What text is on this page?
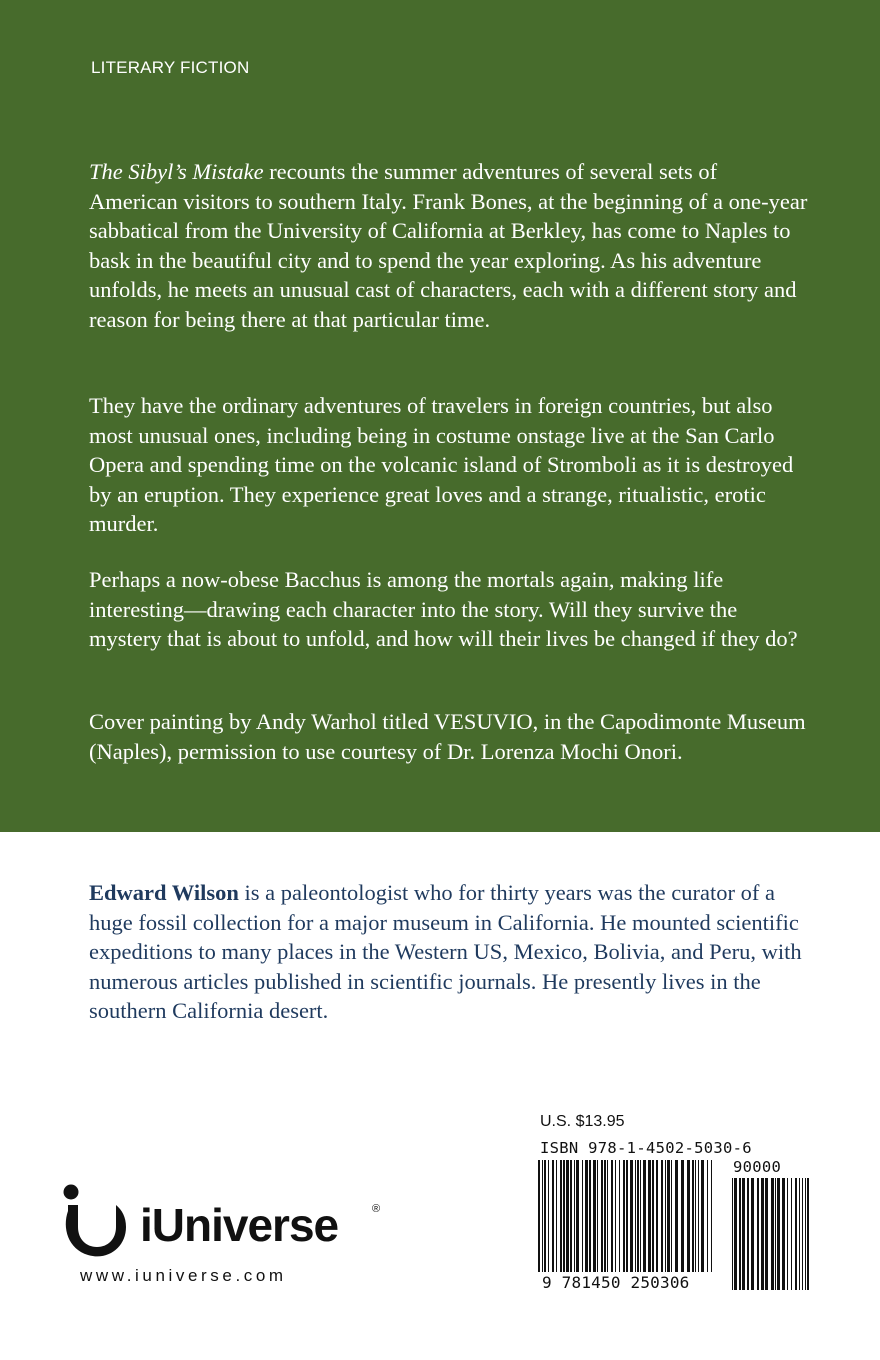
LITERARY FICTION

The Sibyl’s Mistake recounts the summer adventures of several sets of American visitors to southern Italy. Frank Bones, at the beginning of a one-year sabbatical from the University of California at Berkley, has come to Naples to bask in the beautiful city and to spend the year exploring. As his adventure unfolds, he meets an unusual cast of characters, each with a different story and reason for being there at that particular time.

They have the ordinary adventures of travelers in foreign countries, but also most unusual ones, including being in costume onstage live at the San Carlo Opera and spending time on the volcanic island of Stromboli as it is destroyed by an eruption. They experience great loves and a strange, ritualistic, erotic murder.

Perhaps a now-obese Bacchus is among the mortals again, making life interesting—drawing each character into the story. Will they survive the mystery that is about to unfold, and how will their lives be changed if they do?

Cover painting by Andy Warhol titled VESUVIO, in the Capodimonte Museum (Naples), permission to use courtesy of Dr. Lorenza Mochi Onori.

Edward Wilson is a paleontologist who for thirty years was the curator of a huge fossil collection for a major museum in California. He mounted scientific expeditions to many places in the Western US, Mexico, Bolivia, and Peru, with numerous articles published in scientific journals. He presently lives in the southern California desert.

U.S. $13.95
ISBN 978-1-4502-5030-6
90000
9 781450 250306
iUniverse	®
www.iuniverse.com
